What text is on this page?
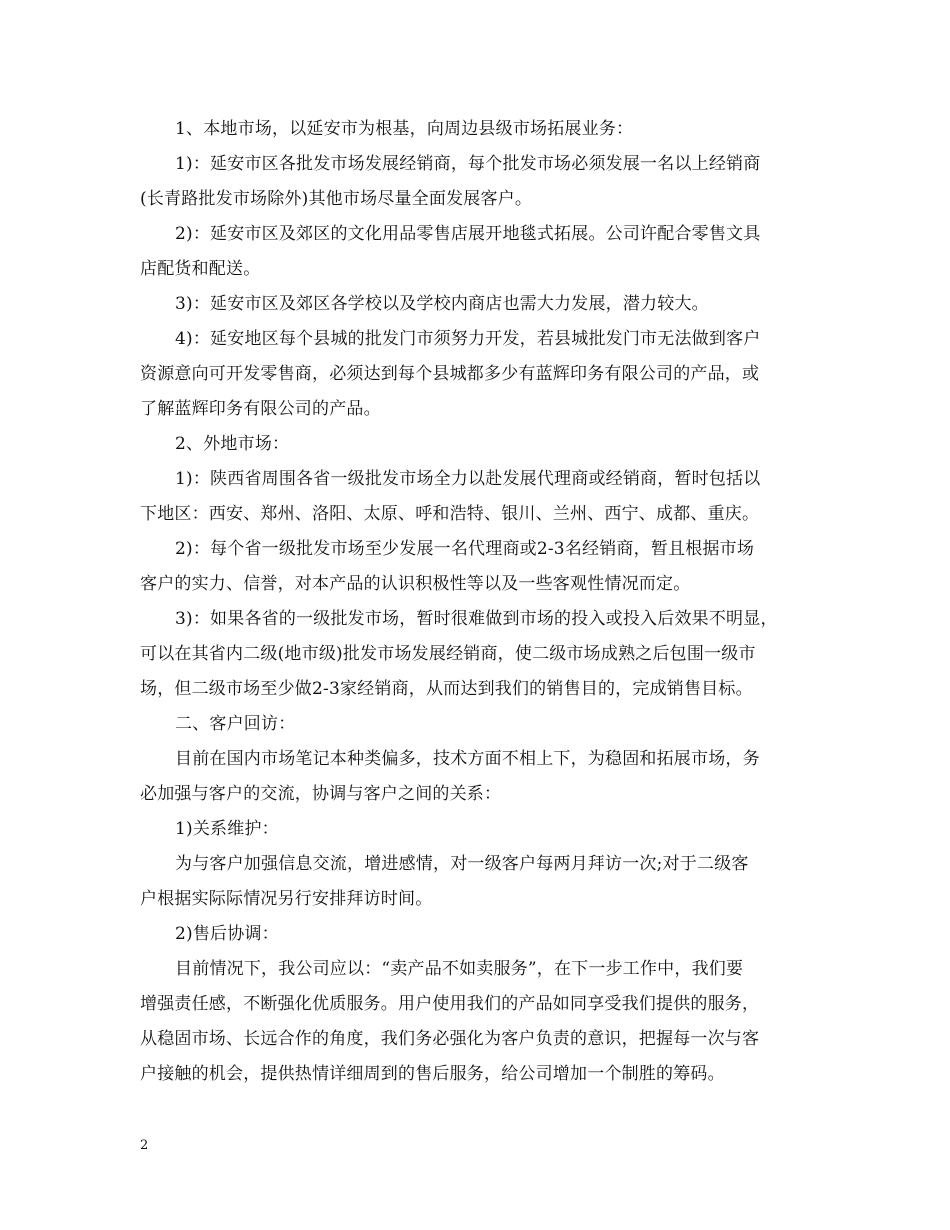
1、本地市场，以延安市为根基，向周边县级市场拓展业务：
1)：延安市区各批发市场发展经销商，每个批发市场必须发展一名以上经销商
(长青路批发市场除外)其他市场尽量全面发展客户。
2)：延安市区及郊区的文化用品零售店展开地毯式拓展。公司许配合零售文具
店配货和配送。
3)：延安市区及郊区各学校以及学校内商店也需大力发展，潜力较大。
4)：延安地区每个县城的批发门市须努力开发，若县城批发门市无法做到客户
资源意向可开发零售商，必须达到每个县城都多少有蓝辉印务有限公司的产品，或
了解蓝辉印务有限公司的产品。
2、外地市场：
1)：陕西省周围各省一级批发市场全力以赴发展代理商或经销商，暂时包括以
下地区：西安、郑州、洛阳、太原、呼和浩特、银川、兰州、西宁、成都、重庆。
2)：每个省一级批发市场至少发展一名代理商或2-3名经销商，暂且根据市场
客户的实力、信誉，对本产品的认识积极性等以及一些客观性情况而定。
3)：如果各省的一级批发市场，暂时很难做到市场的投入或投入后效果不明显，
可以在其省内二级(地市级)批发市场发展经销商，使二级市场成熟之后包围一级市
场，但二级市场至少做2-3家经销商，从而达到我们的销售目的，完成销售目标。
二、客户回访：
目前在国内市场笔记本种类偏多，技术方面不相上下，为稳固和拓展市场，务
必加强与客户的交流，协调与客户之间的关系：
1)关系维护：
为与客户加强信息交流，增进感情，对一级客户每两月拜访一次;对于二级客
户根据实际际情况另行安排拜访时间。
2)售后协调：
目前情况下，我公司应以：“卖产品不如卖服务”，在下一步工作中，我们要
增强责任感，不断强化优质服务。用户使用我们的产品如同享受我们提供的服务，
从稳固市场、长远合作的角度，我们务必强化为客户负责的意识，把握每一次与客
户接触的机会，提供热情详细周到的售后服务，给公司增加一个制胜的筹码。
2
